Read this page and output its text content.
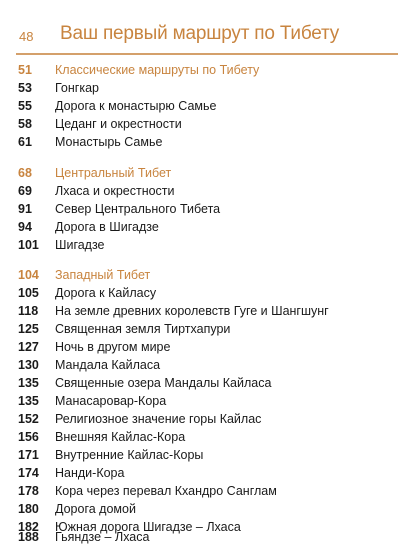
48 Ваш первый маршрут по Тибету
51	Классические маршруты по Тибету
53	Гонгкар
55	Дорога к монастырю Самье
58	Цеданг и окрестности
61	Монастырь Самье
68	Центральный Тибет
69	Лхаса и окрестности
91	Север Центрального Тибета
94	Дорога в Шигадзе
101	Шигадзе
104	Западный Тибет
105	Дорога к Кайласу
118	На земле древних королевств Гуге и Шангшунг
125	Священная земля Тиртхапури
127	Ночь в другом мире
130	Мандала Кайласа
135	Священные озера Мандалы Кайласа
135	Манасаровар-Кора
152	Религиозное значение горы Кайлас
156	Внешняя Кайлас-Кора
171	Внутренние Кайлас-Коры
174	Нанди-Кора
178	Кора через перевал Кхандро Санглам
180	Дорога домой
182	Южная дорога Шигадзе – Лхаса
188	Гьяндзе – Лхаса
